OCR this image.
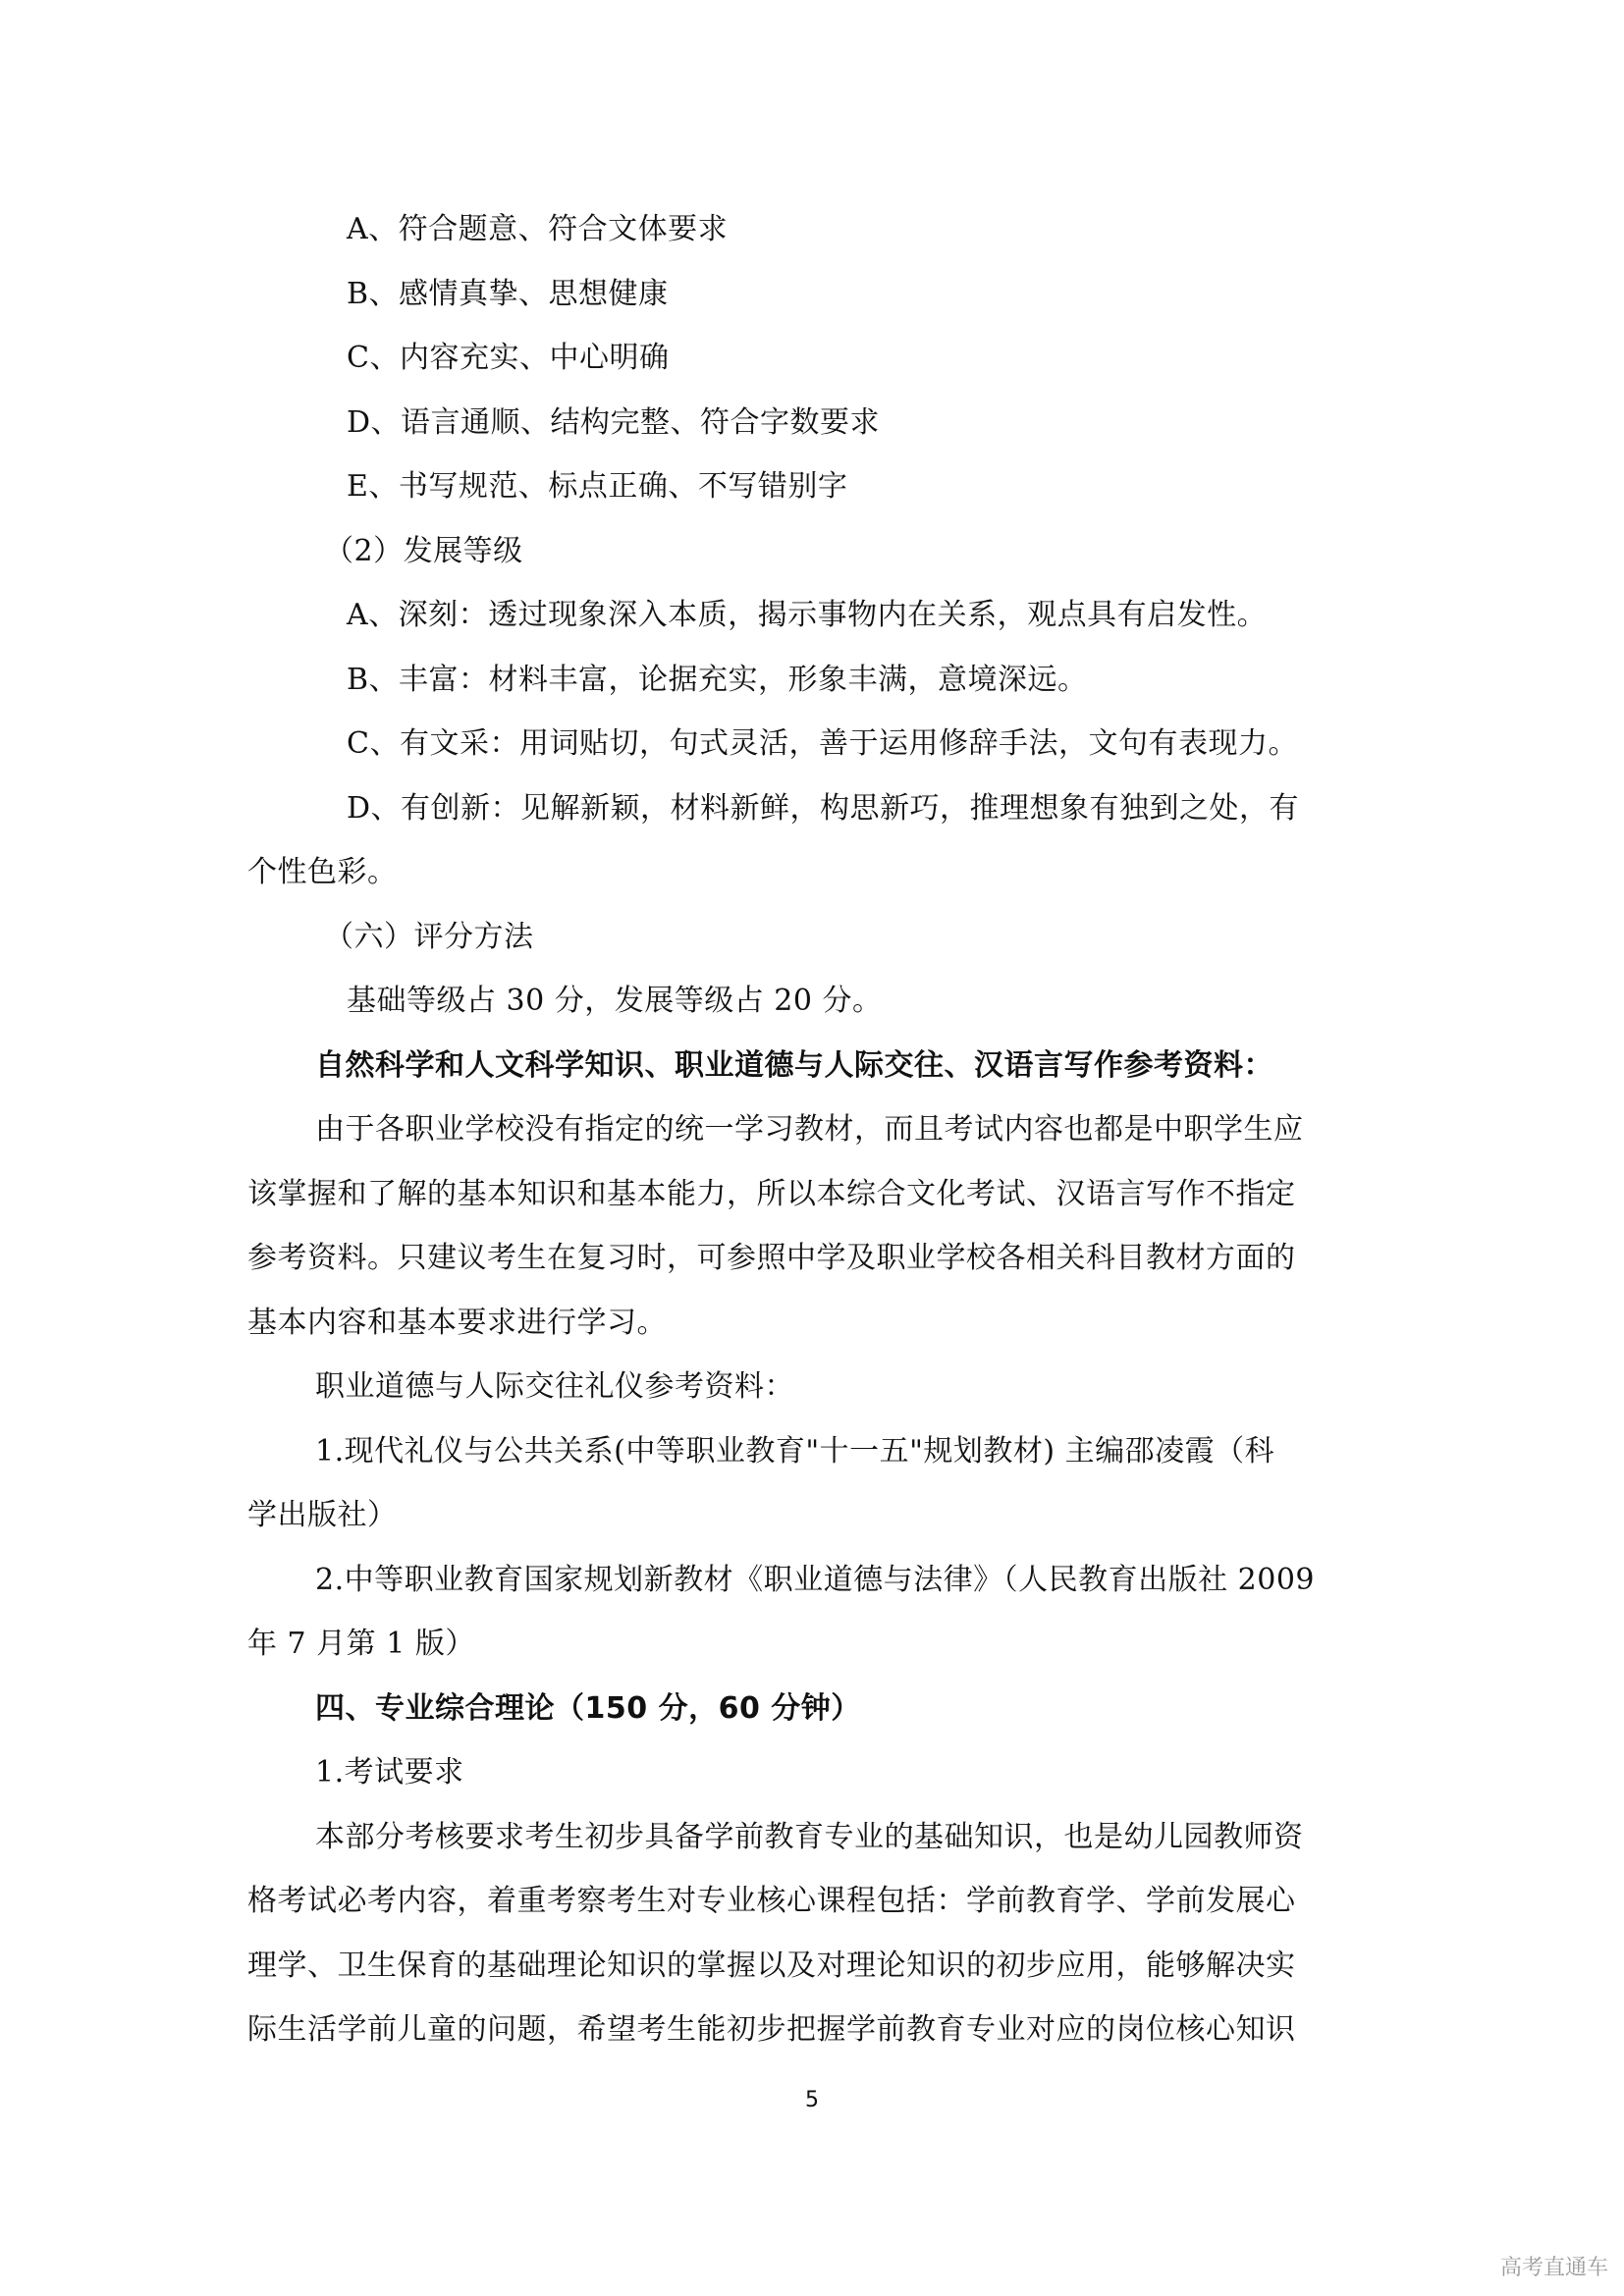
A、符合题意、符合文体要求
B、感情真挚、思想健康
C、内容充实、中心明确
D、语言通顺、结构完整、符合字数要求
E、书写规范、标点正确、不写错别字
（2）发展等级
A、深刻：透过现象深入本质，揭示事物内在关系，观点具有启发性。
B、丰富：材料丰富，论据充实，形象丰满，意境深远。
C、有文采：用词贴切，句式灵活，善于运用修辞手法，文句有表现力。
D、有创新：见解新颖，材料新鲜，构思新巧，推理想象有独到之处，有
个性色彩。
（六）评分方法
基础等级占 30 分，发展等级占 20 分。
自然科学和人文科学知识、职业道德与人际交往、汉语言写作参考资料：
由于各职业学校没有指定的统一学习教材，而且考试内容也都是中职学生应
该掌握和了解的基本知识和基本能力，所以本综合文化考试、汉语言写作不指定
参考资料。只建议考生在复习时，可参照中学及职业学校各相关科目教材方面的
基本内容和基本要求进行学习。
职业道德与人际交往礼仪参考资料：
1.现代礼仪与公共关系(中等职业教育"十一五"规划教材) 主编邵凌霞（科
学出版社）
2.中等职业教育国家规划新教材《职业道德与法律》（人民教育出版社 2009
年 7 月第 1 版）
四、专业综合理论（150 分，60 分钟）
1.考试要求
本部分考核要求考生初步具备学前教育专业的基础知识，也是幼儿园教师资
格考试必考内容，着重考察考生对专业核心课程包括：学前教育学、学前发展心
理学、卫生保育的基础理论知识的掌握以及对理论知识的初步应用，能够解决实
际生活学前儿童的问题，希望考生能初步把握学前教育专业对应的岗位核心知识
5
高考直通车
